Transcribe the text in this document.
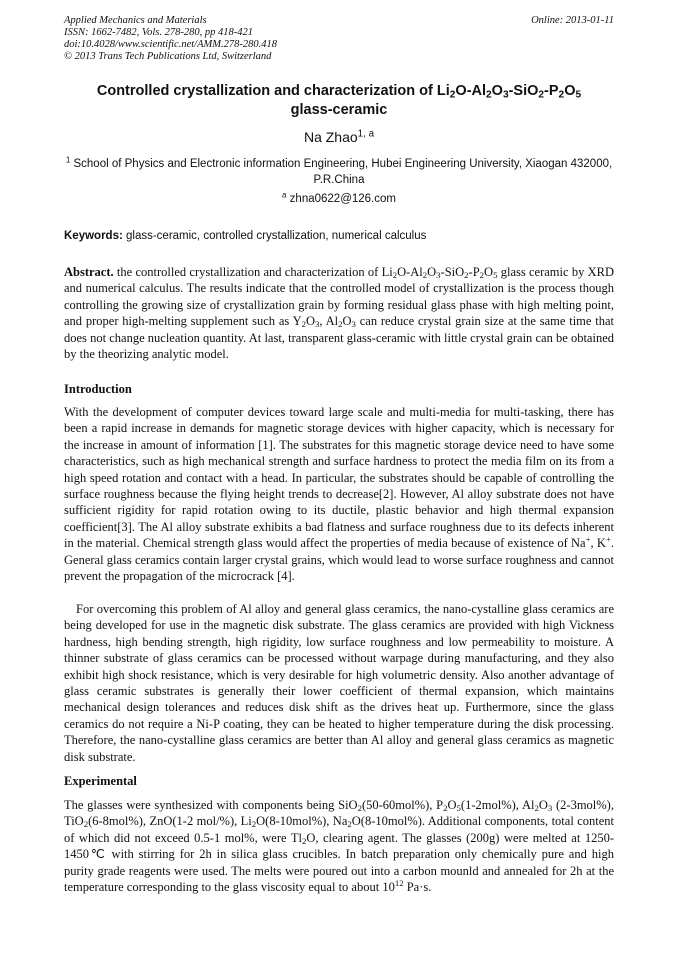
Applied Mechanics and Materials
ISSN: 1662-7482, Vols. 278-280, pp 418-421
doi:10.4028/www.scientific.net/AMM.278-280.418
© 2013 Trans Tech Publications Ltd, Switzerland
Online: 2013-01-11
Controlled crystallization and characterization of $Li_2O-Al_2O_3-SiO_2-P_2O_5$
glass-ceramic
Na Zhao$^{1, a}$
$^1$ School of Physics and Electronic information Engineering, Hubei Engineering University, Xiaogan 432000, P.R.China
$^a$ zhna0622@126.com
Keywords: glass-ceramic, controlled crystallization, numerical calculus
Abstract. the controlled crystallization and characterization of $Li_2O-Al_2O_3-SiO_2-P_2O_5$ glass ceramic by XRD and numerical calculus. The results indicate that the controlled model of crystallization is the process though controlling the growing size of crystallization grain by forming residual glass phase with high melting point, and proper high-melting supplement such as $Y_2O_3$, $Al_2O_3$ can reduce crystal grain size at the same time that does not change nucleation quantity. At last, transparent glass-ceramic with little crystal grain can be obtained by the theorizing analytic model.
Introduction
With the development of computer devices toward large scale and multi-media for multi-tasking, there has been a rapid increase in demands for magnetic storage devices with higher capacity, which is necessary for the increase in amount of information [1]. The substrates for this magnetic storage device need to have some characteristics, such as high mechanical strength and surface hardness to protect the media film on its from a high speed rotation and contact with a head. In particular, the substrates should be capable of controlling the surface roughness because the flying height trends to decrease[2]. However, Al alloy substrate does not have sufficient rigidity for rapid rotation owing to its ductile, plastic behavior and high thermal expansion coefficient[3]. The Al alloy substrate exhibits a bad flatness and surface roughness due to its defects inherent in the material. Chemical strength glass would affect the properties of media because of existence of Na+, K+. General glass ceramics contain larger crystal grains, which would lead to worse surface roughness and cannot prevent the propagation of the microcrack [4].
For overcoming this problem of Al alloy and general glass ceramics, the nano-cystalline glass ceramics are being developed for use in the magnetic disk substrate. The glass ceramics are provided with high Vickness hardness, high bending strength, high rigidity, low surface roughness and low permeability to moisture. A thinner substrate of glass ceramics can be processed without warpage during manufacturing, and they also exhibit high shock resistance, which is very desirable for high volumetric density. Also another advantage of glass ceramic substrates is generally their lower coefficient of thermal expansion, which maintains mechanical design tolerances and reduces disk shift as the drives heat up. Furthermore, since the glass ceramics do not require a Ni-P coating, they can be heated to higher temperature during the disk processing. Therefore, the nano-cystalline glass ceramics are better than Al alloy and general glass ceramics as magnetic disk substrate.
Experimental
The glasses were synthesized with components being SiO$_2$(50-60mol%), $P_2O_5(1-2mol\%)$, $Al_2O_3$ (2-3mol%), TiO$_2$(6-8mol%), ZnO(1-2 mol/%), $Li_2O(8-10mol\%)$, $Na_2O(8-10mol\%)$. Additional components, total content of which did not exceed 0.5-1 mol%, were $Tl_2O$, clearing agent. The glasses (200g) were melted at 1250-1450℃ with stirring for 2h in silica glass crucibles. In batch preparation only chemically pure and high purity grade reagents were used. The melts were poured out into a carbon mounld and annealed for 2h at the temperature corresponding to the glass viscosity equal to about $10^{12}$ Pa·s.
